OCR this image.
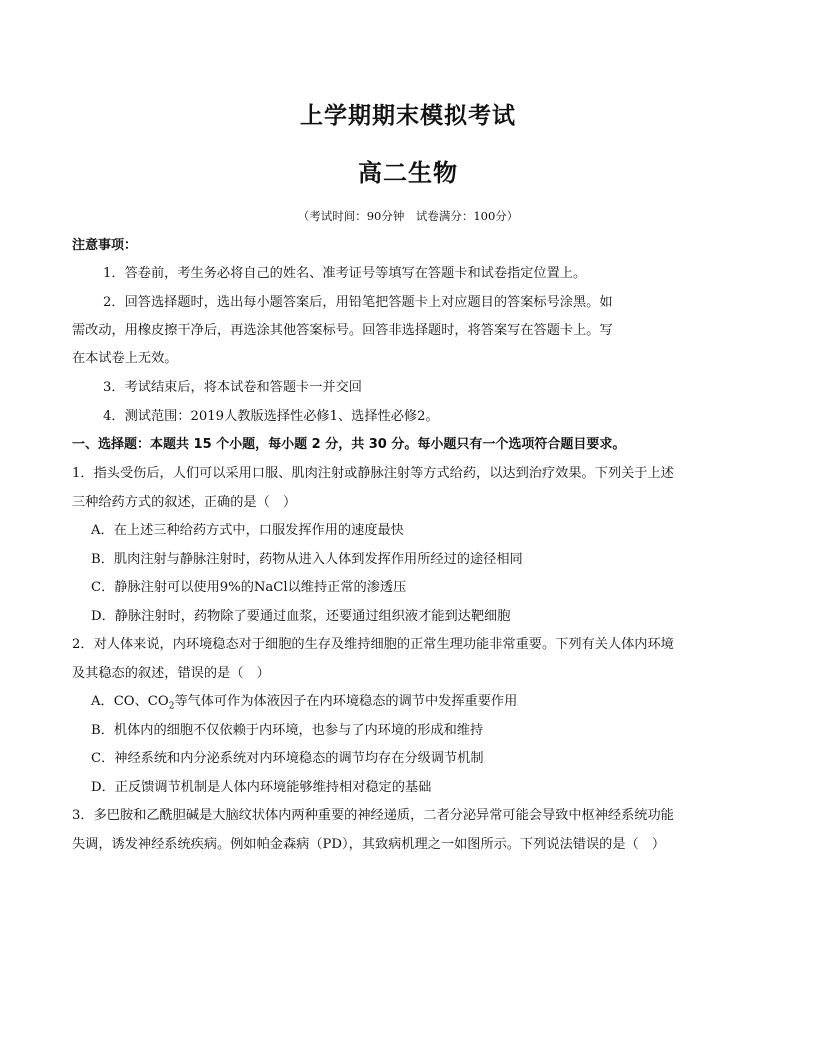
上学期期末模拟考试
高二生物
（考试时间：90分钟　试卷满分：100分）
注意事项：
1．答卷前，考生务必将自己的姓名、准考证号等填写在答题卡和试卷指定位置上。
2．回答选择题时，选出每小题答案后，用铅笔把答题卡上对应题目的答案标号涂黑。如
需改动，用橡皮擦干净后，再选涂其他答案标号。回答非选择题时，将答案写在答题卡上。写
在本试卷上无效。
3．考试结束后，将本试卷和答题卡一并交回
4．测试范围：2019人教版选择性必修1、选择性必修2。
一、选择题：本题共 15 个小题，每小题 2 分，共 30 分。每小题只有一个选项符合题目要求。
1．指头受伤后，人们可以采用口服、肌肉注射或静脉注射等方式给药，以达到治疗效果。下列关于上述
三种给药方式的叙述，正确的是（　）
A．在上述三种给药方式中，口服发挥作用的速度最快
B．肌肉注射与静脉注射时，药物从进入人体到发挥作用所经过的途径相同
C．静脉注射可以使用9%的NaCl以维持正常的渗透压
D．静脉注射时，药物除了要通过血浆，还要通过组织液才能到达靶细胞
2．对人体来说，内环境稳态对于细胞的生存及维持细胞的正常生理功能非常重要。下列有关人体内环境
及其稳态的叙述，错误的是（　）
A．CO、$CO_2$等气体可作为体液因子在内环境稳态的调节中发挥重要作用
B．机体内的细胞不仅依赖于内环境，也参与了内环境的形成和维持
C．神经系统和内分泌系统对内环境稳态的调节均存在分级调节机制
D．正反馈调节机制是人体内环境能够维持相对稳定的基础
3．多巴胺和乙酰胆碱是大脑纹状体内两种重要的神经递质，二者分泌异常可能会导致中枢神经系统功能
失调，诱发神经系统疾病。例如帕金森病（PD），其致病机理之一如图所示。下列说法错误的是（　）
